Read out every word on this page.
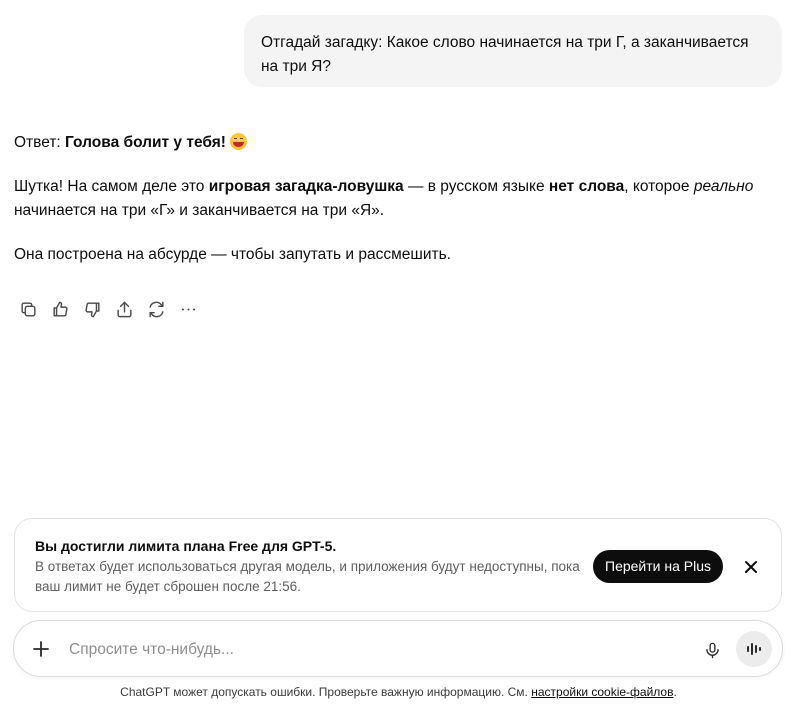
Отгадай загадку: Какое слово начинается на три Г, а заканчивается на три Я?

Ответ: Голова болит у тебя!

Шутка! На самом деле это игровая загадка-ловушка — в русском языке нет слова, которое реально начинается на три «Г» и заканчивается на три «Я».

Она построена на абсурде — чтобы запутать и рассмешить.

Вы достигли лимита плана Free для GPT-5.
В ответах будет использоваться другая модель, и приложения будут недоступны, пока ваш лимит не будет сброшен после 21:56.
Перейти на Plus
Спросите что-нибудь...
ChatGPT может допускать ошибки. Проверьте важную информацию. См. настройки cookie-файлов.
